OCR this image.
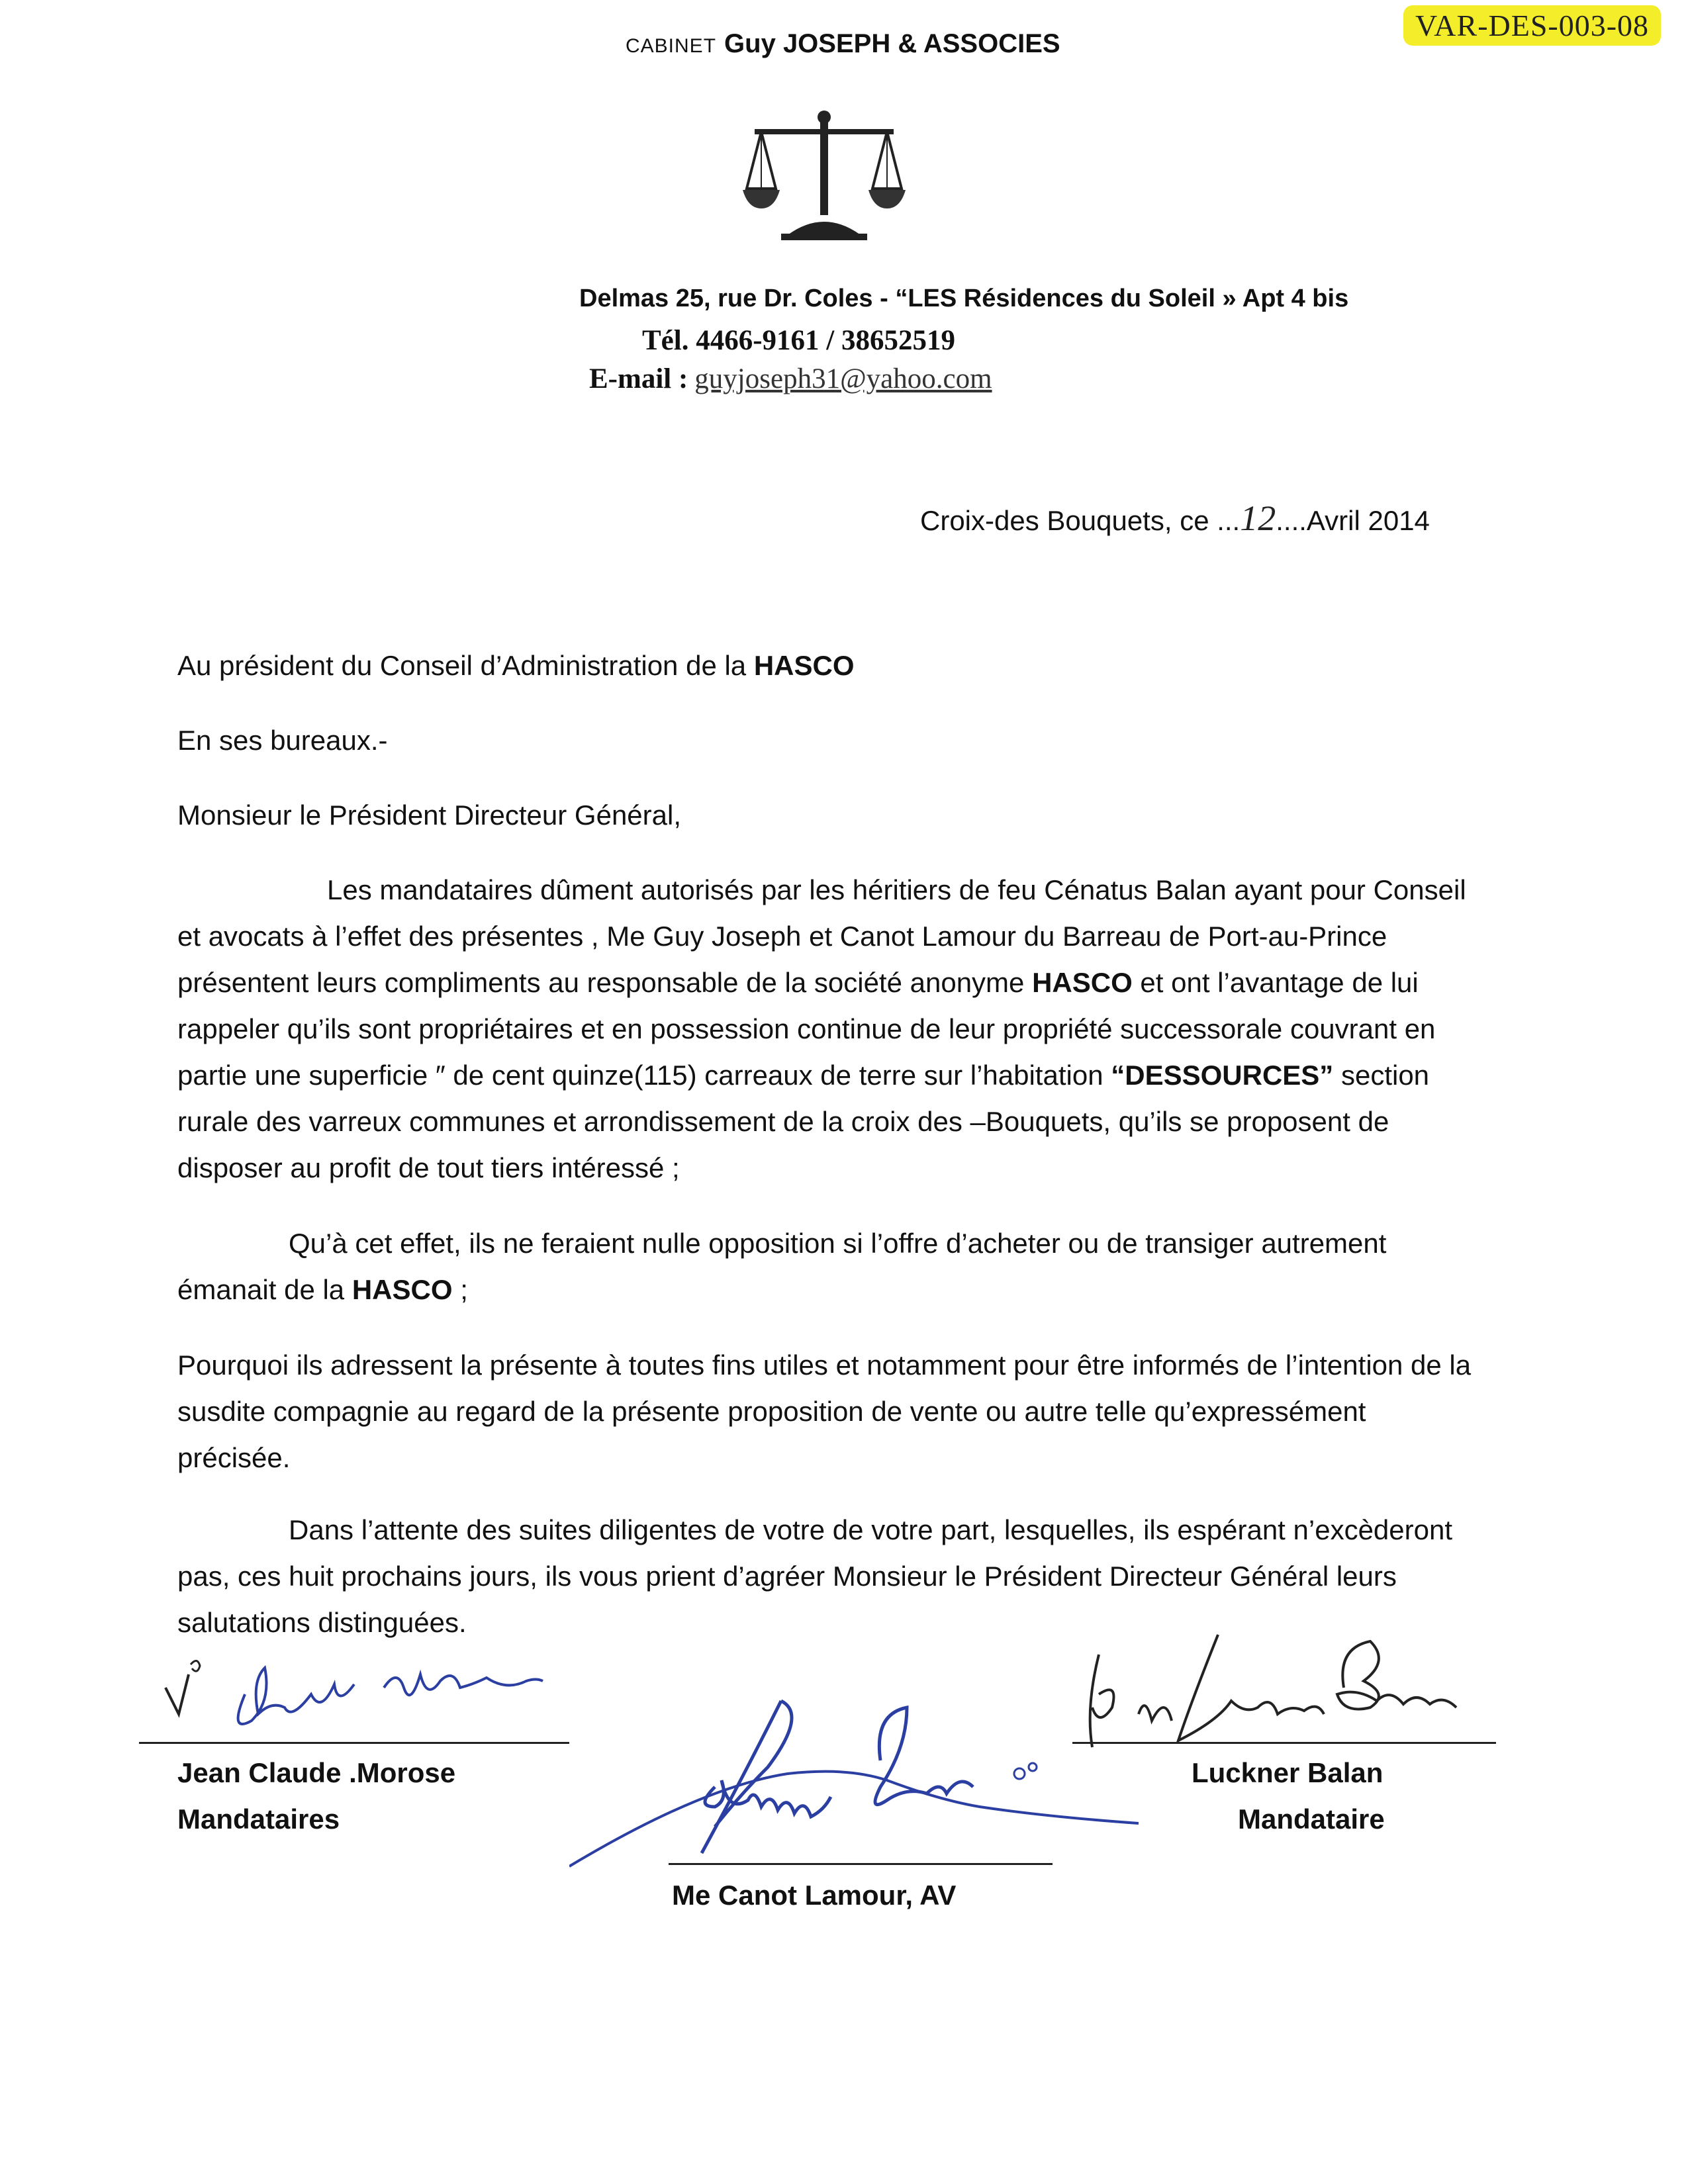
VAR-DES-003-08
CABINET Guy JOSEPH & ASSOCIES
Delmas 25, rue Dr. Coles - “LES Résidences du Soleil » Apt 4 bis
Tél. 4466-9161 / 38652519
E-mail : guyjoseph31@yahoo.com
Croix-des Bouquets, ce ...12....Avril 2014
Au président du Conseil d’Administration de la HASCO
En ses bureaux.-
Monsieur le Président Directeur Général,
Les mandataires dûment autorisés par les héritiers de feu Cénatus Balan ayant pour Conseil et avocats à l’effet des présentes , Me Guy Joseph et Canot Lamour du Barreau de Port-au-Prince présentent leurs compliments au responsable de la société anonyme HASCO et ont l’avantage de lui rappeler qu’ils sont propriétaires et en possession continue de leur propriété successorale couvrant en partie une superficie ″ de cent quinze(115) carreaux de terre sur l’habitation “DESSOURCES” section rurale des varreux communes et arrondissement de la croix des –Bouquets, qu’ils se proposent de disposer au profit de tout tiers intéressé ;
Qu’à cet effet, ils ne feraient nulle opposition si l’offre d’acheter ou de transiger autrement émanait de la HASCO ;
Pourquoi ils adressent la présente à toutes fins utiles et notamment pour être informés de l’intention de la susdite compagnie au regard de la présente proposition de vente ou autre telle qu’expressément précisée.
Dans l’attente des suites diligentes de votre de votre part, lesquelles, ils espérant n’excèderont pas, ces huit prochains jours, ils vous prient d’agréer Monsieur le Président Directeur Général leurs salutations distinguées.
Jean Claude .Morose
Mandataires
Me Canot Lamour, AV
Luckner Balan
Mandataire
